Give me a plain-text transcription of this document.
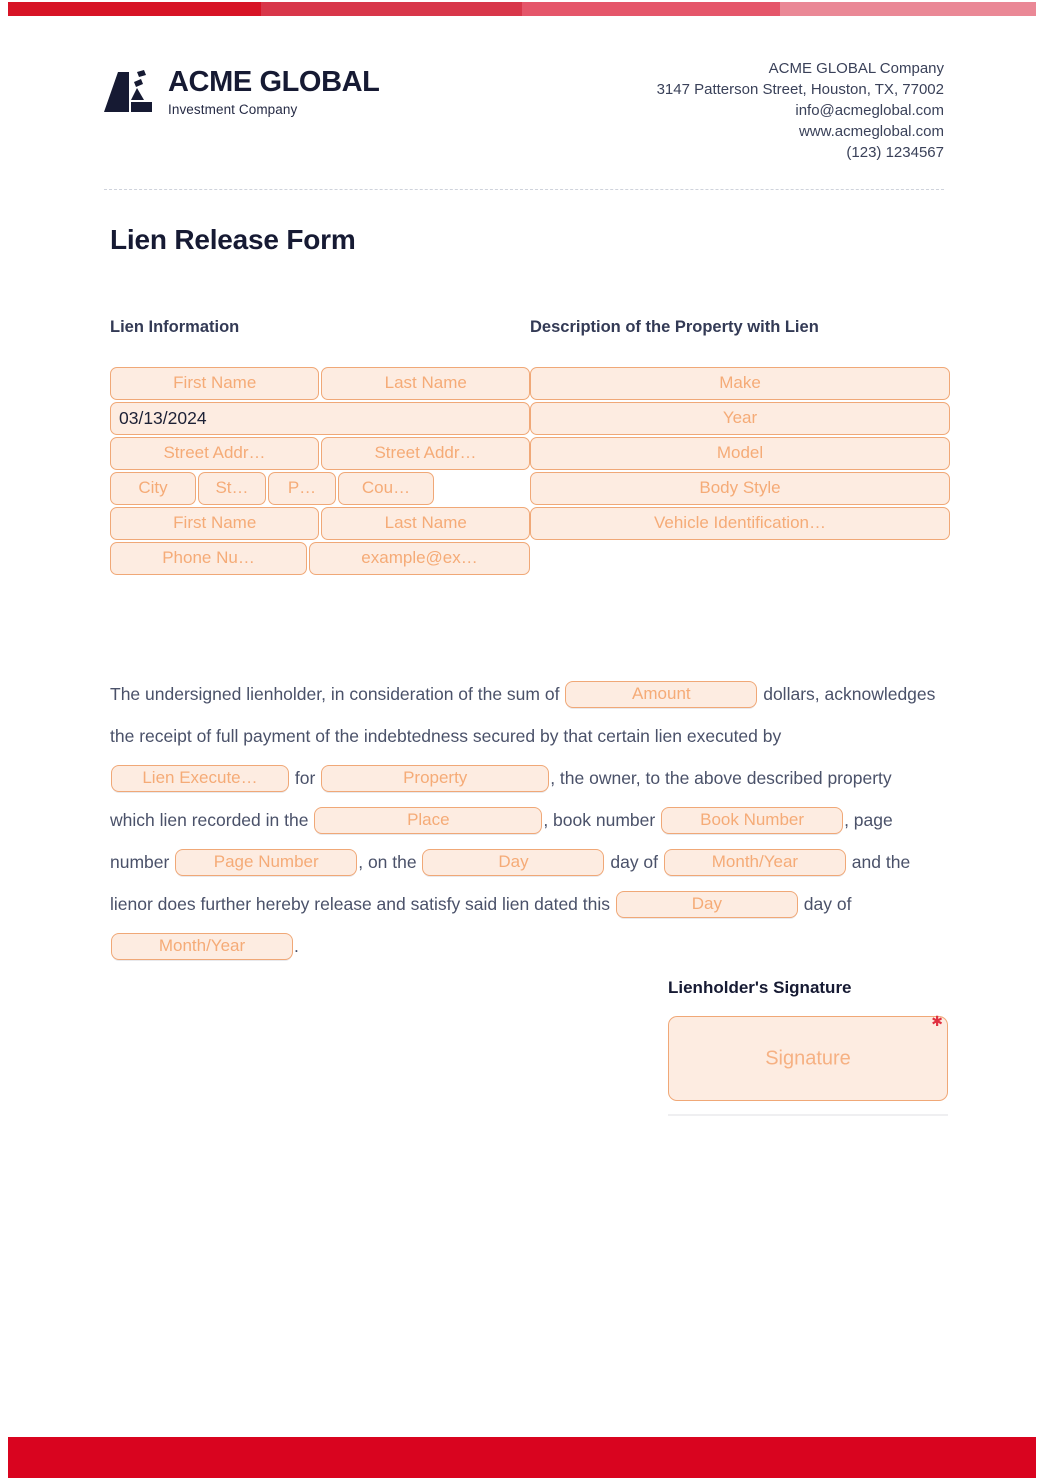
ACME GLOBAL
Investment Company
ACME GLOBAL Company
3147 Patterson Street, Houston, TX, 77002
info@acmeglobal.com
www.acmeglobal.com
(123) 1234567
Lien Release Form
Lien Information
First Name	Last Name
03/13/2024
Street Addr…	Street Addr…
City	St…	P…	Cou…
First Name	Last Name
Phone Nu…	example@ex…
Description of the Property with Lien
Make
Year
Model
Body Style
Vehicle Identification…
The undersigned lienholder, in consideration of the sum of	Amount	dollars, acknowledges the receipt of full payment of the indebtedness secured by that certain lien executed by Lien Execute… for	Property	, the owner, to the above described property which lien recorded in the	Place	, book number	Book Number , page number	Page Number , on the	Day	day of	Month/Year	and the lienor does further hereby release and satisfy said lien dated this	Day	day of Month/Year	.
Lienholder's Signature
✱
Signature
